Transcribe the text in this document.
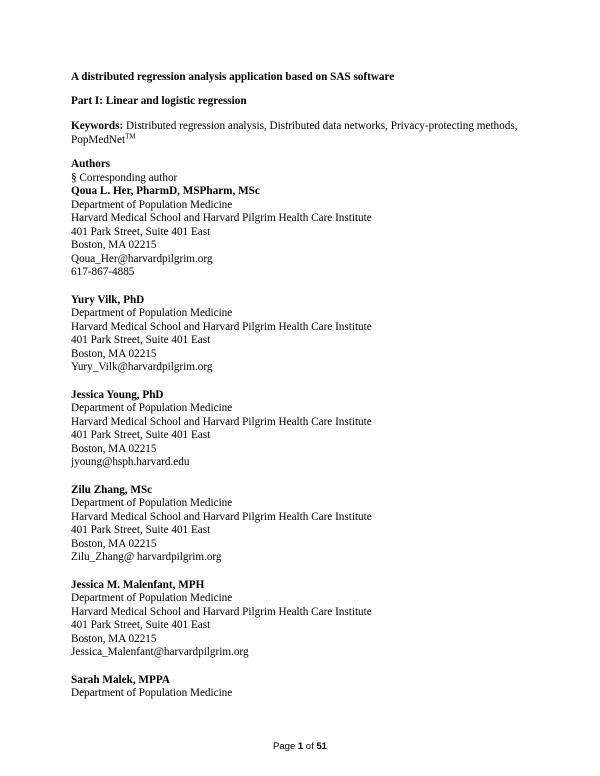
A distributed regression analysis application based on SAS software

Part I: Linear and logistic regression

Keywords: Distributed regression analysis, Distributed data networks, Privacy-protecting methods, PopMedNet™

Authors

§ Corresponding author

Qoua L. Her, PharmD, MSPharm, MSc

Department of Population Medicine

Harvard Medical School and Harvard Pilgrim Health Care Institute

401 Park Street, Suite 401 East

Boston, MA 02215

Qoua_Her@harvardpilgrim.org

617-867-4885

Yury Vilk, PhD

Department of Population Medicine

Harvard Medical School and Harvard Pilgrim Health Care Institute

401 Park Street, Suite 401 East

Boston, MA 02215

Yury_Vilk@harvardpilgrim.org

Jessica Young, PhD

Department of Population Medicine

Harvard Medical School and Harvard Pilgrim Health Care Institute

401 Park Street, Suite 401 East

Boston, MA 02215

jyoung@hsph.harvard.edu

Zilu Zhang, MSc

Department of Population Medicine

Harvard Medical School and Harvard Pilgrim Health Care Institute

401 Park Street, Suite 401 East

Boston, MA 02215

Zilu_Zhang@ harvardpilgrim.org

Jessica M. Malenfant, MPH

Department of Population Medicine

Harvard Medical School and Harvard Pilgrim Health Care Institute

401 Park Street, Suite 401 East

Boston, MA 02215

Jessica_Malenfant@harvardpilgrim.org

Sarah Malek, MPPA

Department of Population Medicine

Page 1 of 51
